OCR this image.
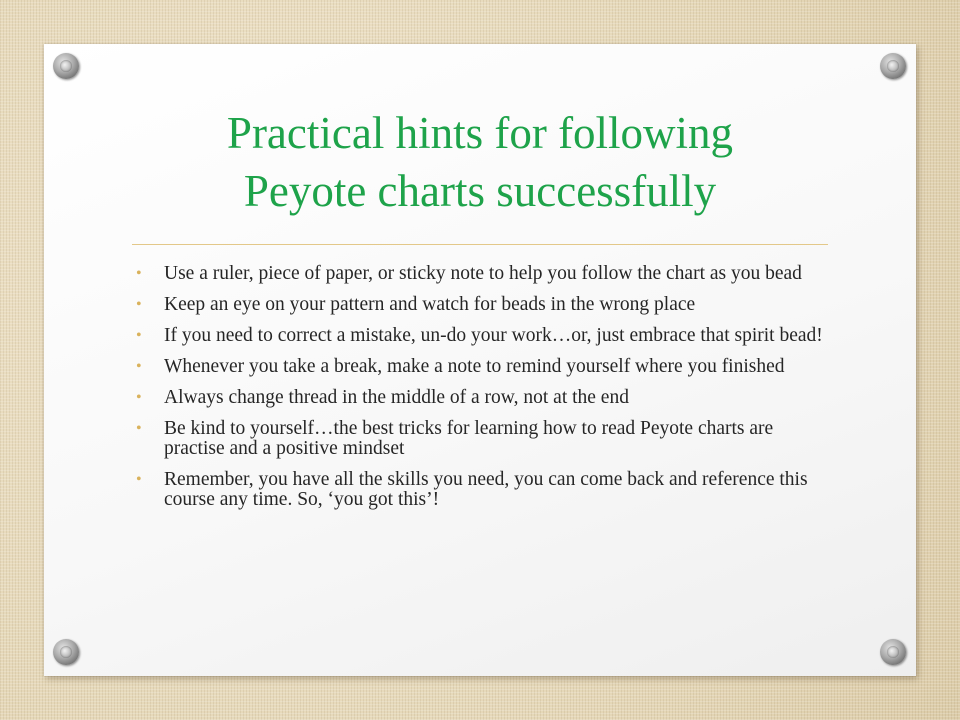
Practical hints for following
Peyote charts successfully
• Use a ruler, piece of paper, or sticky note to help you follow the chart as you bead
• Keep an eye on your pattern and watch for beads in the wrong place
• If you need to correct a mistake, un-do your work…or, just embrace that spirit bead!
• Whenever you take a break, make a note to remind yourself where you finished
• Always change thread in the middle of a row, not at the end
• Be kind to yourself…the best tricks for learning how to read Peyote charts are practise and a positive mindset
• Remember, you have all the skills you need, you can come back and reference this course any time. So, ‘you got this’!
